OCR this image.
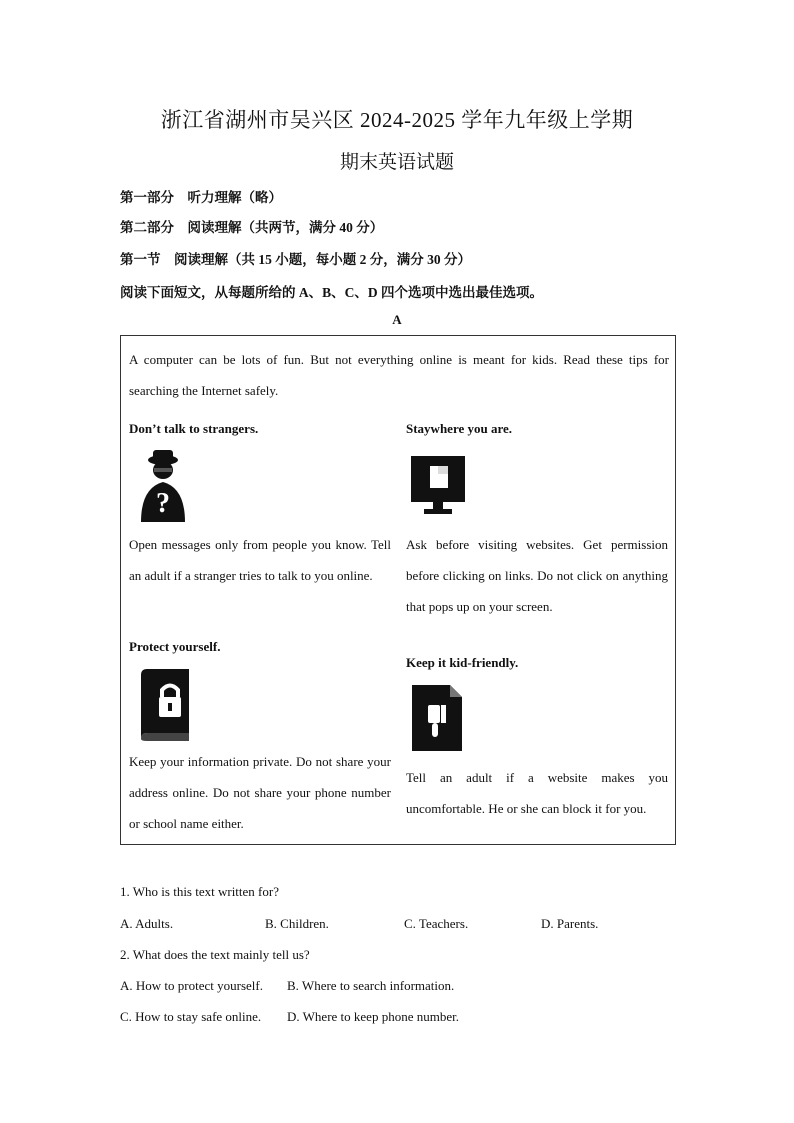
浙江省湖州市吴兴区 2024-2025 学年九年级上学期
期末英语试题
第一部分　听力理解（略）
第二部分　阅读理解（共两节，满分 40 分）
第一节　阅读理解（共 15 小题，每小题 2 分，满分 30 分）
阅读下面短文，从每题所给的 A、B、C、D 四个选项中选出最佳选项。
A
A computer can be lots of fun. But not everything online is meant for kids. Read these tips for searching the Internet safely.
Don’t talk to strangers.
?
Open messages only from people you know. Tell an adult if a stranger tries to talk to you online.
Staywhere you are.
Ask before visiting websites. Get permission before clicking on links. Do not click on anything that pops up on your screen.
Protect yourself.
Keep your information private. Do not share your address online. Do not share your phone number or school name either.
Keep it kid-friendly.
Tell an adult if a website makes you uncomfortable. He or she can block it for you.
1. Who is this text written for?
A. Adults.	B. Children.	C. Teachers.	D. Parents.
2. What does the text mainly tell us?
A. How to protect yourself. B. Where to search information.
C. How to stay safe online. D. Where to keep phone number.
